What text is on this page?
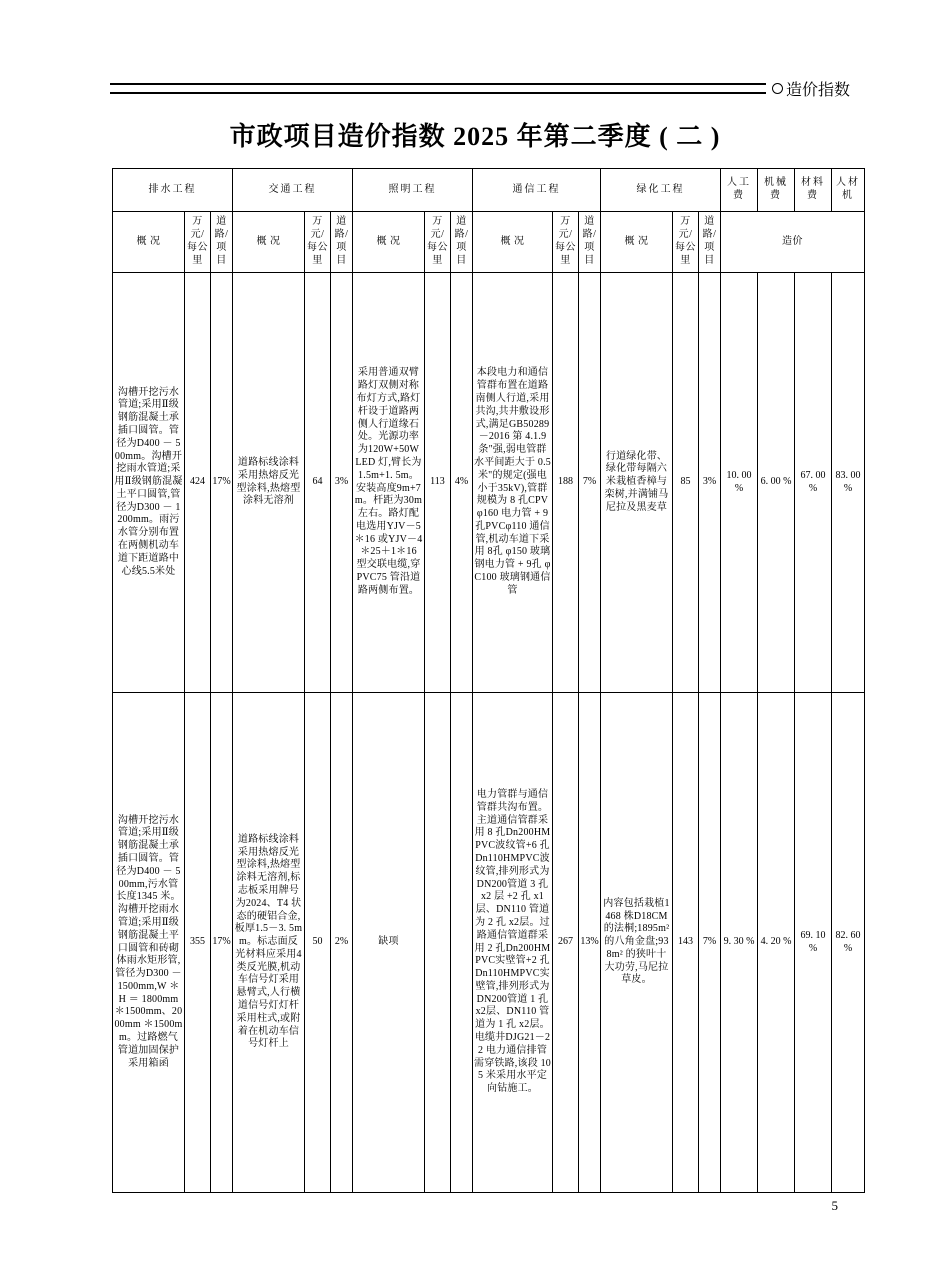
造价指数
市政项目造价指数 2025 年第二季度 ( 二 )
排水工程			交通工程			照明工程			通信工程			绿化工程			人工费	机械费	材料费	人材机
概 况	万元/每公里	道路/项目	概 况	万元/每公里	道路/项目	概 况	万元/每公里	道路/项目	概 况	万元/每公里	道路/项目	概 况	万元/每公里	道路/项目	造价			
沟槽开挖污水管道;采用Ⅱ级钢筋混凝土承插口圆管。管径为D400 － 500mm。沟槽开挖雨水管道;采用Ⅱ级钢筋混凝土平口圆管,管径为D300 － 1200mm。雨污水管分别布置在两侧机动车道下距道路中心线5.5米处	424	17%	道路标线涂料采用热熔反光型涂料,热熔型涂料无溶剂	64	3%	采用普通双臂路灯双侧对称布灯方式,路灯杆设于道路两侧人行道缘石处。光源功率为120W+50W LED 灯,臂长为1.5m+1. 5m。安装高度9m+7m。杆距为30m 左右。路灯配电选用YJV－5＊16 或YJV－4＊25＋1＊16 型交联电缆,穿 PVC75 管沿道路两侧布置。	113	4%	本段电力和通信管群布置在道路南侧人行道,采用共沟,共井敷设形式,满足GB50289 －2016 第 4.1.9 条"强,弱电管群水平间距大于 0.5米"的规定(强电小于35kV),管群规模为 8 孔CPVφ160 电力管 + 9 孔PVCφ110 通信管,机动车道下采用 8孔 φ150 玻璃钢电力管 + 9孔 φC100 玻璃钢通信管	188	7%	行道绿化带、绿化带每隔六米栽植香樟与栾树,并满铺马尼拉及黑麦草	85	3%	10. 00 %	6. 00 %	67. 00 %	83. 00 %
沟槽开挖污水管道;采用Ⅱ级钢筋混凝土承插口圆管。管径为D400 － 500mm,污水管长度1345 米。沟槽开挖雨水管道;采用Ⅱ级钢筋混凝土平口圆管和砖砌体雨水矩形管,管径为D300 － 1500mm,W ＊ H ＝ 1800mm ＊1500mm、2000mm ＊1500mm。过路燃气管道加固保护采用箱函	355	17%	道路标线涂料采用热熔反光型涂料,热熔型涂料无溶剂,标志板采用牌号为2024、T4 状态的硬铝合金,板厚1.5－3. 5mm。标志面反光材料应采用4 类反光膜,机动车信号灯采用悬臂式,人行横道信号灯灯杆采用柱式,或附着在机动车信号灯杆上	50	2%	缺项			电力管群与通信管群共沟布置。主道通信管群采用 8 孔Dn200HMPVC波纹管+6 孔Dn110HMPVC波纹管,排列形式为DN200管道 3 孔 x2 层 +2 孔 x1层、DN110 管道为 2 孔 x2层。过路通信管道群采用 2 孔Dn200HMPVC实壁管+2 孔Dn110HMPVC实壁管,排列形式为DN200管道 1 孔 x2层、DN110 管道为 1 孔 x2层。电缆井DJG21－22 电力通信排管需穿铁路,该段 105 米采用水平定向钻施工。	267	13%	内容包括栽植1468 株D18CM的法桐;1895m² 的八角金盘;938m² 的狭叶十大功劳,马尼拉草皮。	143	7%	9. 30 %	4. 20 %	69. 10 %	82. 60 %
5
